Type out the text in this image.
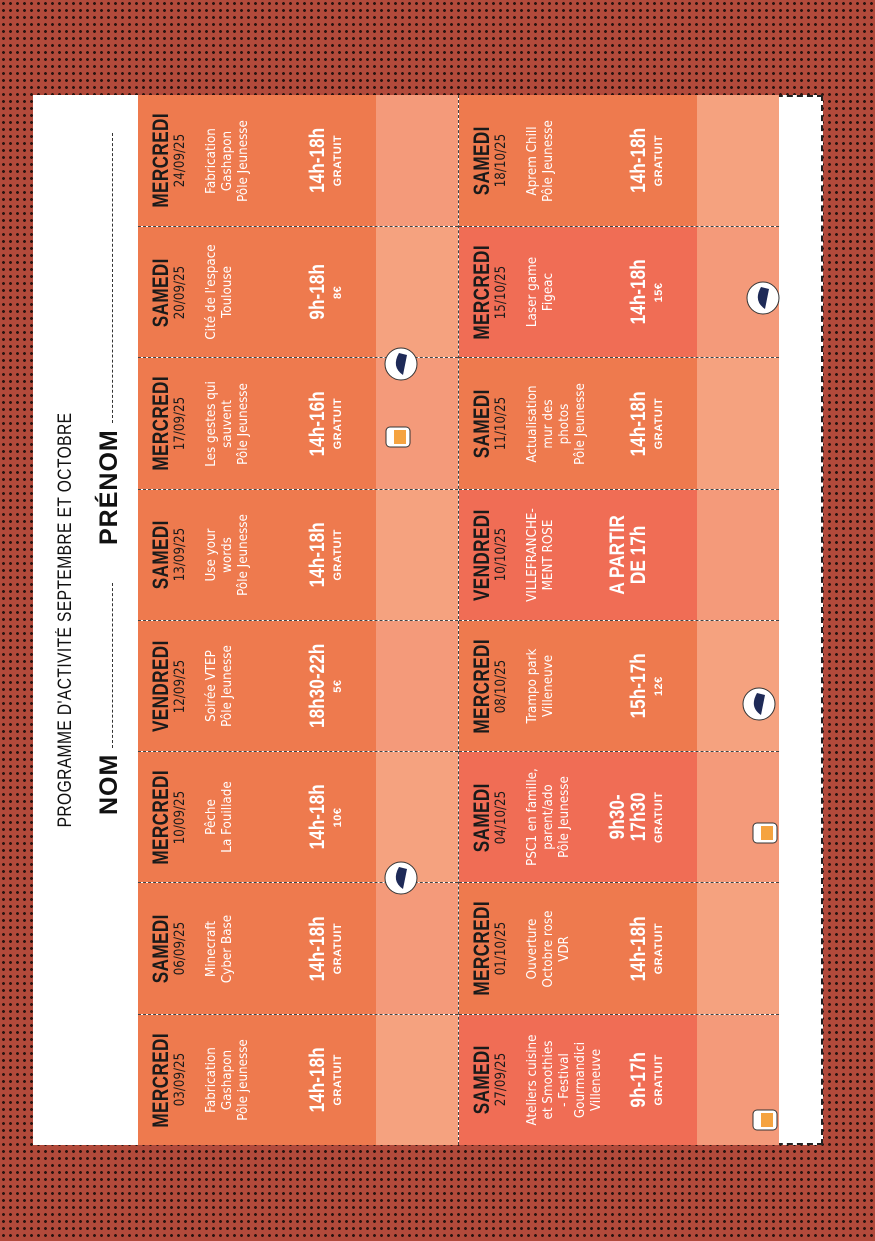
PROGRAMME D'ACTIVITÉ SEPTEMBRE ET OCTOBRE NOM
PRÉNOM
MERCREDI 03/09/25 Fabrication
Gashapon
Pôle jeunesse	14h-18h GRATUIT
SAMEDI 06/09/25 Minecraft
Cyber Base	14h-18h GRATUIT
MERCREDI 10/09/25 Pêche
La Fouillade	14h-18h 10€
VENDREDI 12/09/25 Soirée VTEP
Pôle Jeunesse	18h30-22h 5€
SAMEDI 13/09/25 Use your
words
Pôle Jeunesse	14h-18h GRATUIT
MERCREDI 17/09/25
Les gestes qui
sauvent
Pôle Jeunesse	14h-16h GRATUIT
SAMEDI 20/09/25
Cité de l'espace
Toulouse	9h-18h 8€
MERCREDI 24/09/25 Fabrication
Gashapon
Pôle Jeunesse	14h-18h GRATUIT
SAMEDI 27/09/25 Ateliers cuisine
et Smoothies
- Festival
Gourmandici
Villeneuve 9h-17h GRATUIT
MERCREDI 01/10/25 Ouverture
Octobre rose
VDR	14h-18h GRATUIT
SAMEDI 04/10/25
PSC1 en famille,
parent/ado
Pôle Jeunesse 9h30-
17h30 GRATUIT
MERCREDI 08/10/25 Trampo park
Villeneuve	15h-17h 12€
VENDREDI 10/10/25 VILLEFRANCHE-
MENT ROSE A PARTIR DE 17h
SAMEDI 11/10/25 Actualisation
mur des
photos
Pôle Jeunesse 14h-18h GRATUIT
MERCREDI 15/10/25 Laser game
Figeac	14h-18h 15€
SAMEDI 18/10/25 Aprem Chill
Pôle Jeunesse	14h-18h GRATUIT
